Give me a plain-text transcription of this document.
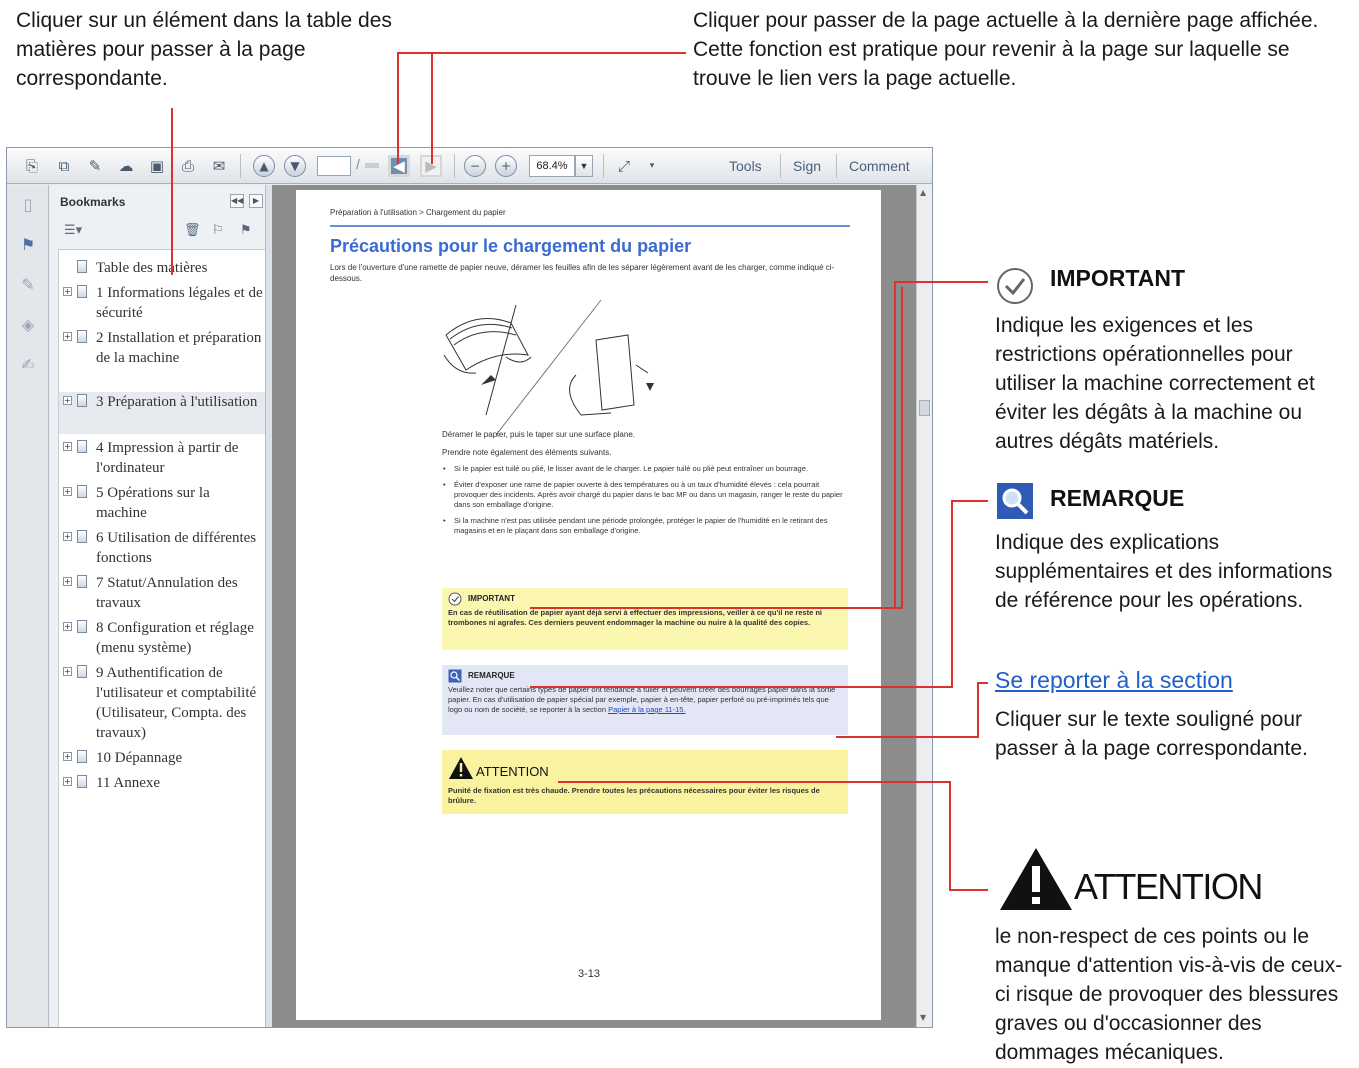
Cliquer sur un élément dans la table des matières pour passer à la page correspondante.
Cliquer pour passer de la page actuelle à la dernière page affichée. Cette fonction est pratique pour revenir à la page sur laquelle se trouve le lien vers la page actuelle.
⎘	⧉	✎	☁ ▣	⎙	✉	▲	▼	/	◀	▶	−	+	68.4%	▼	⤢	▾	Tools Sign Comment
▯
⚑
✎
◈
✍
Bookmarks	◀◀	▶
☰▾	🗑 ⚐ ⚑
Table des matières
+ 1 Informations légales et de sécurité
+ 2 Installation et préparation de la machine
+ 3 Préparation à l'utilisation
+ 4 Impression à partir de l'ordinateur
+ 5 Opérations sur la machine
+ 6 Utilisation de différentes fonctions
+ 7 Statut/Annulation des travaux
+ 8 Configuration et réglage (menu système)
+ 9 Authentification de l'utilisateur et comptabilité (Utilisateur, Compta. des travaux)
+ 10 Dépannage
+ 11 Annexe
Préparation à l'utilisation > Chargement du papier
Précautions pour le chargement du papier
Lors de l'ouverture d'une ramette de papier neuve, déramer les feuilles afin de les séparer légèrement avant de les charger, comme indiqué ci-dessous.
Déramer le papier, puis le taper sur une surface plane.
Prendre note également des éléments suivants.
• Si le papier est tuilé ou plié, le lisser avant de le charger. Le papier tuilé ou plié peut entraîner un bourrage.
• Éviter d'exposer une rame de papier ouverte à des températures ou à un taux d'humidité élevés : cela pourrait provoquer des incidents. Après avoir chargé du papier dans le bac MF ou dans un magasin, ranger le reste du papier dans son emballage d'origine.
• Si la machine n'est pas utilisée pendant une période prolongée, protéger le papier de l'humidité en le retirant des magasins et en le plaçant dans son emballage d'origine.
IMPORTANT
En cas de réutilisation de papier ayant déjà servi à effectuer des impressions, veiller à ce qu'il ne reste ni trombones ni agrafes. Ces derniers peuvent endommager la machine ou nuire à la qualité des copies.
REMARQUE
Veuillez noter que certains types de papier ont tendance à tuiler et peuvent créer des bourrages papier dans la sortie papier. En cas d'utilisation de papier spécial par exemple, papier à en-tête, papier perforé ou pré-imprimés tels que logo ou nom de société, se reporter à la section Papier à la page 11-15.
ATTENTION
Punité de fixation est très chaude. Prendre toutes les précautions nécessaires pour éviter les risques de brûlure.
3-13
▲
▼
IMPORTANT
Indique les exigences et les restrictions opérationnelles pour utiliser la machine correctement et éviter les dégâts à la machine ou autres dégâts matériels.
REMARQUE
Indique des explications supplémentaires et des informations de référence pour les opérations.
Se reporter à la section
Cliquer sur le texte souligné pour passer à la page correspondante.
ATTENTION
le non-respect de ces points ou le manque d'attention vis-à-vis de ceux-ci risque de provoquer des blessures graves ou d'occasionner des dommages mécaniques.
